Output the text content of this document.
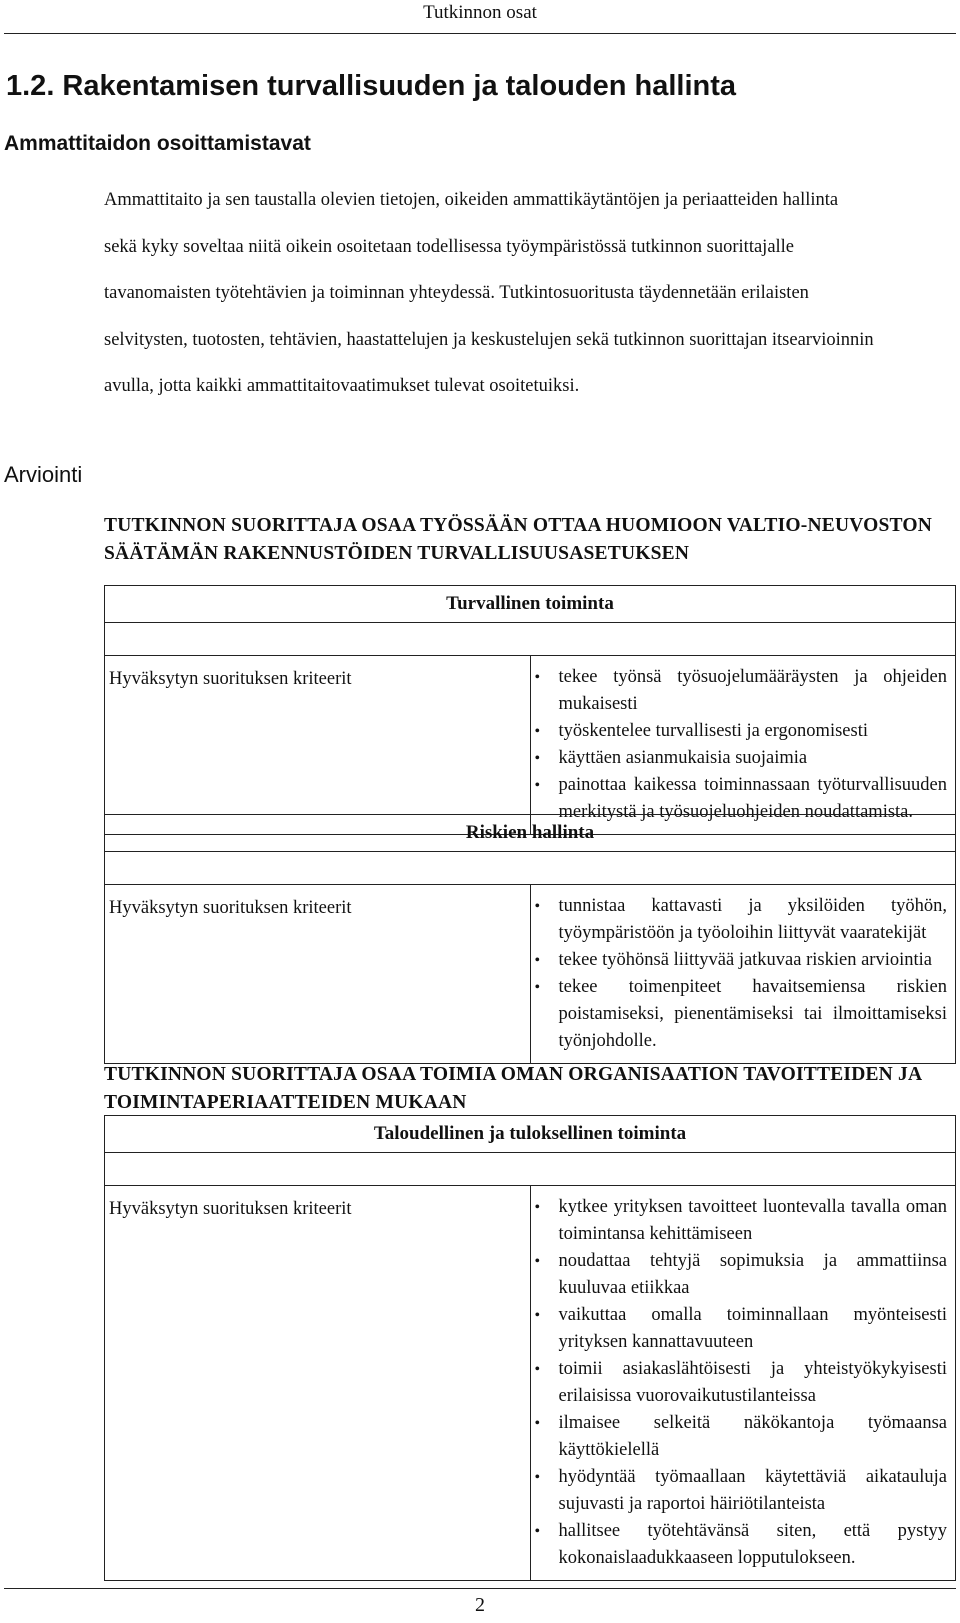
Tutkinnon osat
1.2. Rakentamisen turvallisuuden ja talouden hallinta
Ammattitaidon osoittamistavat

Ammattitaito ja sen taustalla olevien tietojen, oikeiden ammattikäytäntöjen ja periaatteiden hallinta sekä kyky soveltaa niitä oikein osoitetaan todellisessa työympäristössä tutkinnon suorittajalle tavanomaisten työtehtävien ja toiminnan yhteydessä. Tutkintosuoritusta täydennetään erilaisten selvitysten, tuotosten, tehtävien, haastattelujen ja keskustelujen sekä tutkinnon suorittajan itsearvioinnin avulla, jotta kaikki ammattitaitovaatimukset tulevat osoitetuiksi.

Arviointi

TUTKINNON SUORITTAJA OSAA TYÖSSÄÄN OTTAA HUOMIOON VALTIO-NEUVOSTON SÄÄTÄMÄN RAKENNUSTÖIDEN TURVALLISUUSASETUKSEN

Turvallinen toiminta

Hyväksytyn suorituksen kriteerit	
•tekee työnsä työsuojelumääräysten ja ohjeiden mukaisesti
• työskentelee turvallisesti ja ergonomisesti
• käyttäen asianmukaisia suojaimia
• painottaa kaikessa toiminnassaan työturvallisuuden merkitystä ja työsuojeluohjeiden noudattamista.
Riskien hallinta

Hyväksytyn suorituksen kriteerit	
•tunnistaa kattavasti ja yksilöiden työhön, työympäristöön ja työoloihin liittyvät vaaratekijät
• tekee työhönsä liittyvää jatkuvaa riskien arviointia
• tekee toimenpiteet havaitsemiensa riskien poistamiseksi, pienentämiseksi tai ilmoittamiseksi työnjohdolle.

TUTKINNON SUORITTAJA OSAA TOIMIA OMAN ORGANISAATION TAVOITTEIDEN JA TOIMINTAPERIAATTEIDEN MUKAAN

Taloudellinen ja tuloksellinen toiminta

Hyväksytyn suorituksen kriteerit	
•kytkee yrityksen tavoitteet luontevalla tavalla oman toimintansa kehittämiseen
• noudattaa tehtyjä sopimuksia ja ammattiinsa kuuluvaa etiikkaa
• vaikuttaa omalla toiminnallaan myönteisesti yrityksen kannattavuuteen
• toimii asiakaslähtöisesti ja yhteistyökykyisesti erilaisissa vuorovaikutustilanteissa
• ilmaisee selkeitä näkökantoja työmaansa käyttökielellä
• hyödyntää työmaallaan käytettäviä aikatauluja sujuvasti ja raportoi häiriötilanteista
• hallitsee työtehtävänsä siten, että pystyy kokonaislaadukkaaseen lopputulokseen.
2
